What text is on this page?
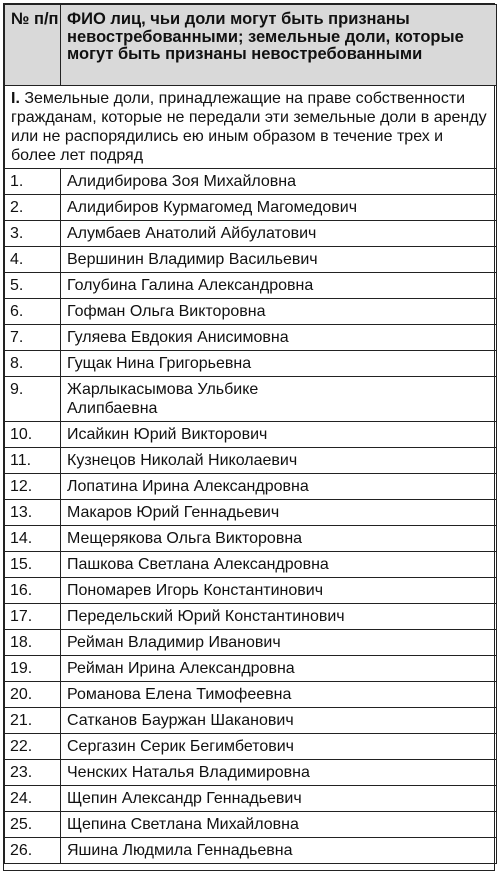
№ п/п	ФИО лиц, чьи доли могут быть признаны невостребованными; земельные доли, которые могут быть признаны невостребованными
I. Земельные доли, принадлежащие на праве собственности гражданам, которые не передали эти земельные доли в аренду или не распорядились ею иным образом в течение трех и более лет подряд	
1.	Алидибирова Зоя Михайловна
2.	Алидибиров Курмагомед Магомедович
3.	Алумбаев Анатолий Айбулатович
4.	Вершинин Владимир Васильевич
5.	Голубина Галина Александровна
6.	Гофман Ольга Викторовна
7.	Гуляева Евдокия Анисимовна
8.	Гущак Нина Григорьевна
9.	Жарлыкасымова Ульбике Алипбаевна
10.	Исайкин Юрий Викторович
11.	Кузнецов Николай Николаевич
12.	Лопатина Ирина Александровна
13.	Макаров Юрий Геннадьевич
14.	Мещерякова Ольга Викторовна
15.	Пашкова Светлана Александровна
16.	Пономарев Игорь Константинович
17.	Передельский Юрий Константинович
18.	Рейман Владимир Иванович
19.	Рейман Ирина Александровна
20.	Романова Елена Тимофеевна
21.	Сатканов Бауржан Шаканович
22.	Сергазин Серик Бегимбетович
23.	Ченских Наталья Владимировна
24.	Щепин Александр Геннадьевич
25.	Щепина Светлана Михайловна
26.	Яшина Людмила Геннадьевна
